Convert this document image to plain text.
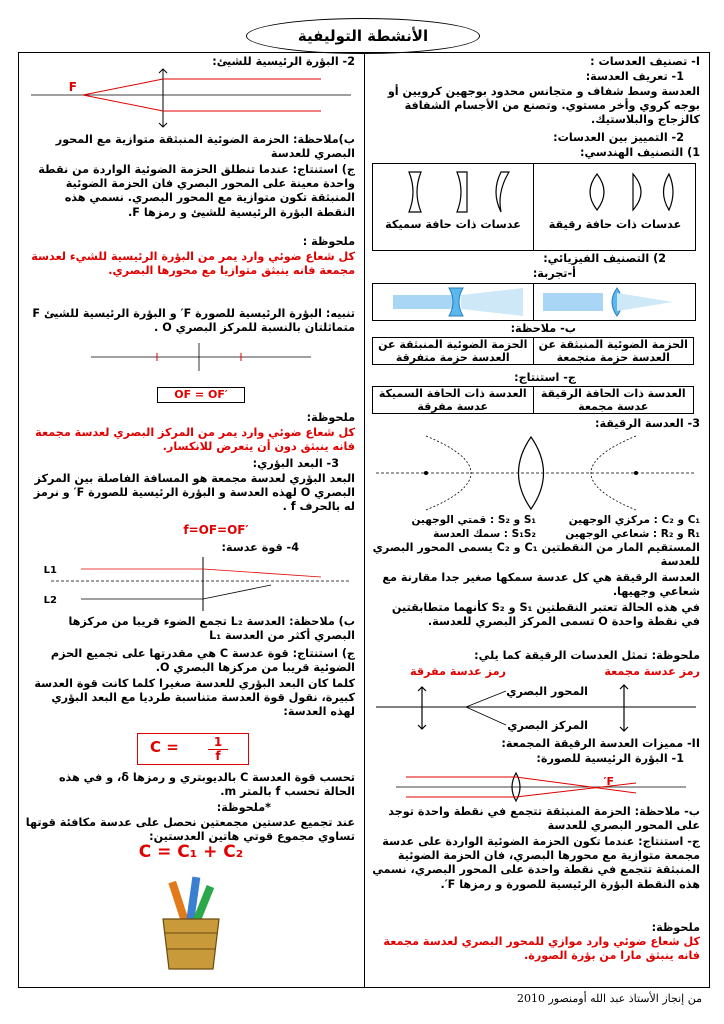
الأنشطة التوليفية
I- تصنيف العدسات :
1- تعريف العدسة:
العدسة وسط شفاف و متجانس محدود بوجهين كرويين أو بوجه كروي وأخر مستوي. وتصنع من الأجسام الشفافة كالزجاج والبلاستيك.
2- التمييز بين العدسات:
1) التصنيف الهندسي:
عدسات ذات حافة رقيقة
عدسات ذات حافة سميكة
2) التصنيف الفيزيائي:
أ-تجربة:
ب- ملاحظة:
الحزمة الضوئية المنبثقة عن العدسة حزمة متجمعة	الحزمة الضوئية المنبثقة عن العدسة حزمة متفرقة
ج- استنتاج:
العدسة ذات الحافة الرقيقة عدسة مجمعة	العدسة ذات الحافة السميكة عدسة مفرقة
3- العدسة الرقيقة:
C₁ و C₂ : مركزي الوجهين
S₁ و S₂ : قمتي الوجهين
R₁ و R₂ : شعاعي الوجهين
S₁S₂ : سمك العدسة
المستقيم المار من النقطتين C₁ و C₂ يسمى المحور البصري للعدسة
العدسة الرقيقة هي كل عدسة سمكها صغير جدا مقارنة مع شعاعي وجهيها.
في هذه الحالة تعتبر النقطتين S₁ و S₂ كأنهما متطابقتين في نقطة واحدة O تسمى المركز البصري للعدسة.
ملحوظة: تمثل العدسات الرقيقة كما يلي:
رمز عدسة مجمعة
رمز عدسة مفرقة
المحور البصري
المركز البصري
II- مميزات العدسة الرقيقة المجمعة:
1- البؤرة الرئيسية للصورة:
F′
ب- ملاحظة: الحزمة المنبثقة تتجمع في نقطة واحدة توجد على المحور البصري للعدسة
ج- استنتاج: عندما تكون الحزمة الضوئية الواردة على عدسة مجمعة متوازية مع محورها البصري، فان الحزمة الضوئية المنبثقة تتجمع في نقطة واحدة على المحور البصري، نسمي هذه النقطة البؤرة الرئيسية للصورة و رمزها F′.
ملحوظة:
كل شعاع ضوئي وارد موازي للمحور البصري لعدسة مجمعة فانه ينبثق مارا من بؤرة الصورة.
2- البؤرة الرئيسية للشيئ:
F
ب)ملاحظة: الحزمة الضوئية المنبثقة متوازية مع المحور البصري للعدسة
ج) استنتاج: عندما تنطلق الحزمة الضوئية الواردة من نقطة واحدة معينة على المحور البصري فان الحزمة الضوئية المنبثقة تكون متوازية مع المحور البصري. نسمي هذه النقطة البؤرة الرئيسية للشيئ و رمزها F.
ملحوظة :
كل شعاع ضوئي وارد يمر من البؤرة الرئيسية للشيء لعدسة مجمعة فانه ينبثق متوازيا مع محورها البصري.
تنبيه: البؤرة الرئيسية للصورة F′ و البؤرة الرئيسية للشيئ F متماثلتان بالنسبة للمركز البصري O .
OF = OF′
ملحوظة:
كل شعاع ضوئي وارد يمر من المركز البصري لعدسة مجمعة فانه ينبثق دون أن يتعرض للانكسار.
3- البعد البؤري:
البعد البؤري لعدسة مجمعة هو المسافة الفاصلة بين المركز البصري O لهذه العدسة و البؤرة الرئيسية للصورة F′ و نرمز له بالحرف f .
f=OF=OF′
4- قوة عدسة:
L1
L2
ب) ملاحظة: العدسة L₂ تجمع الضوء قريبا من مركزها البصري أكثر من العدسة L₁
ج) استنتاج: قوة عدسة C هي مقدرتها على تجميع الحزم الضوئية قريبا من مركزها البصري O.
كلما كان البعد البؤري للعدسة صغيرا كلما كانت قوة العدسة كبيرة، نقول قوة العدسة متناسبة طرديا مع البعد البؤري لهذه العدسة:
C =	1
f
تحسب قوة العدسة C بالديوبتري و رمزها δ، و في هذه الحالة تحسب f بالمتر m.
*ملحوظة:
عند تجميع عدستين مجمعتين نحصل على عدسة مكافئة قوتها تساوي مجموع قوتي هاتين العدستين:
C = C₁ + C₂
من إنجاز الأستاذ عبد الله أومنصور 2010
